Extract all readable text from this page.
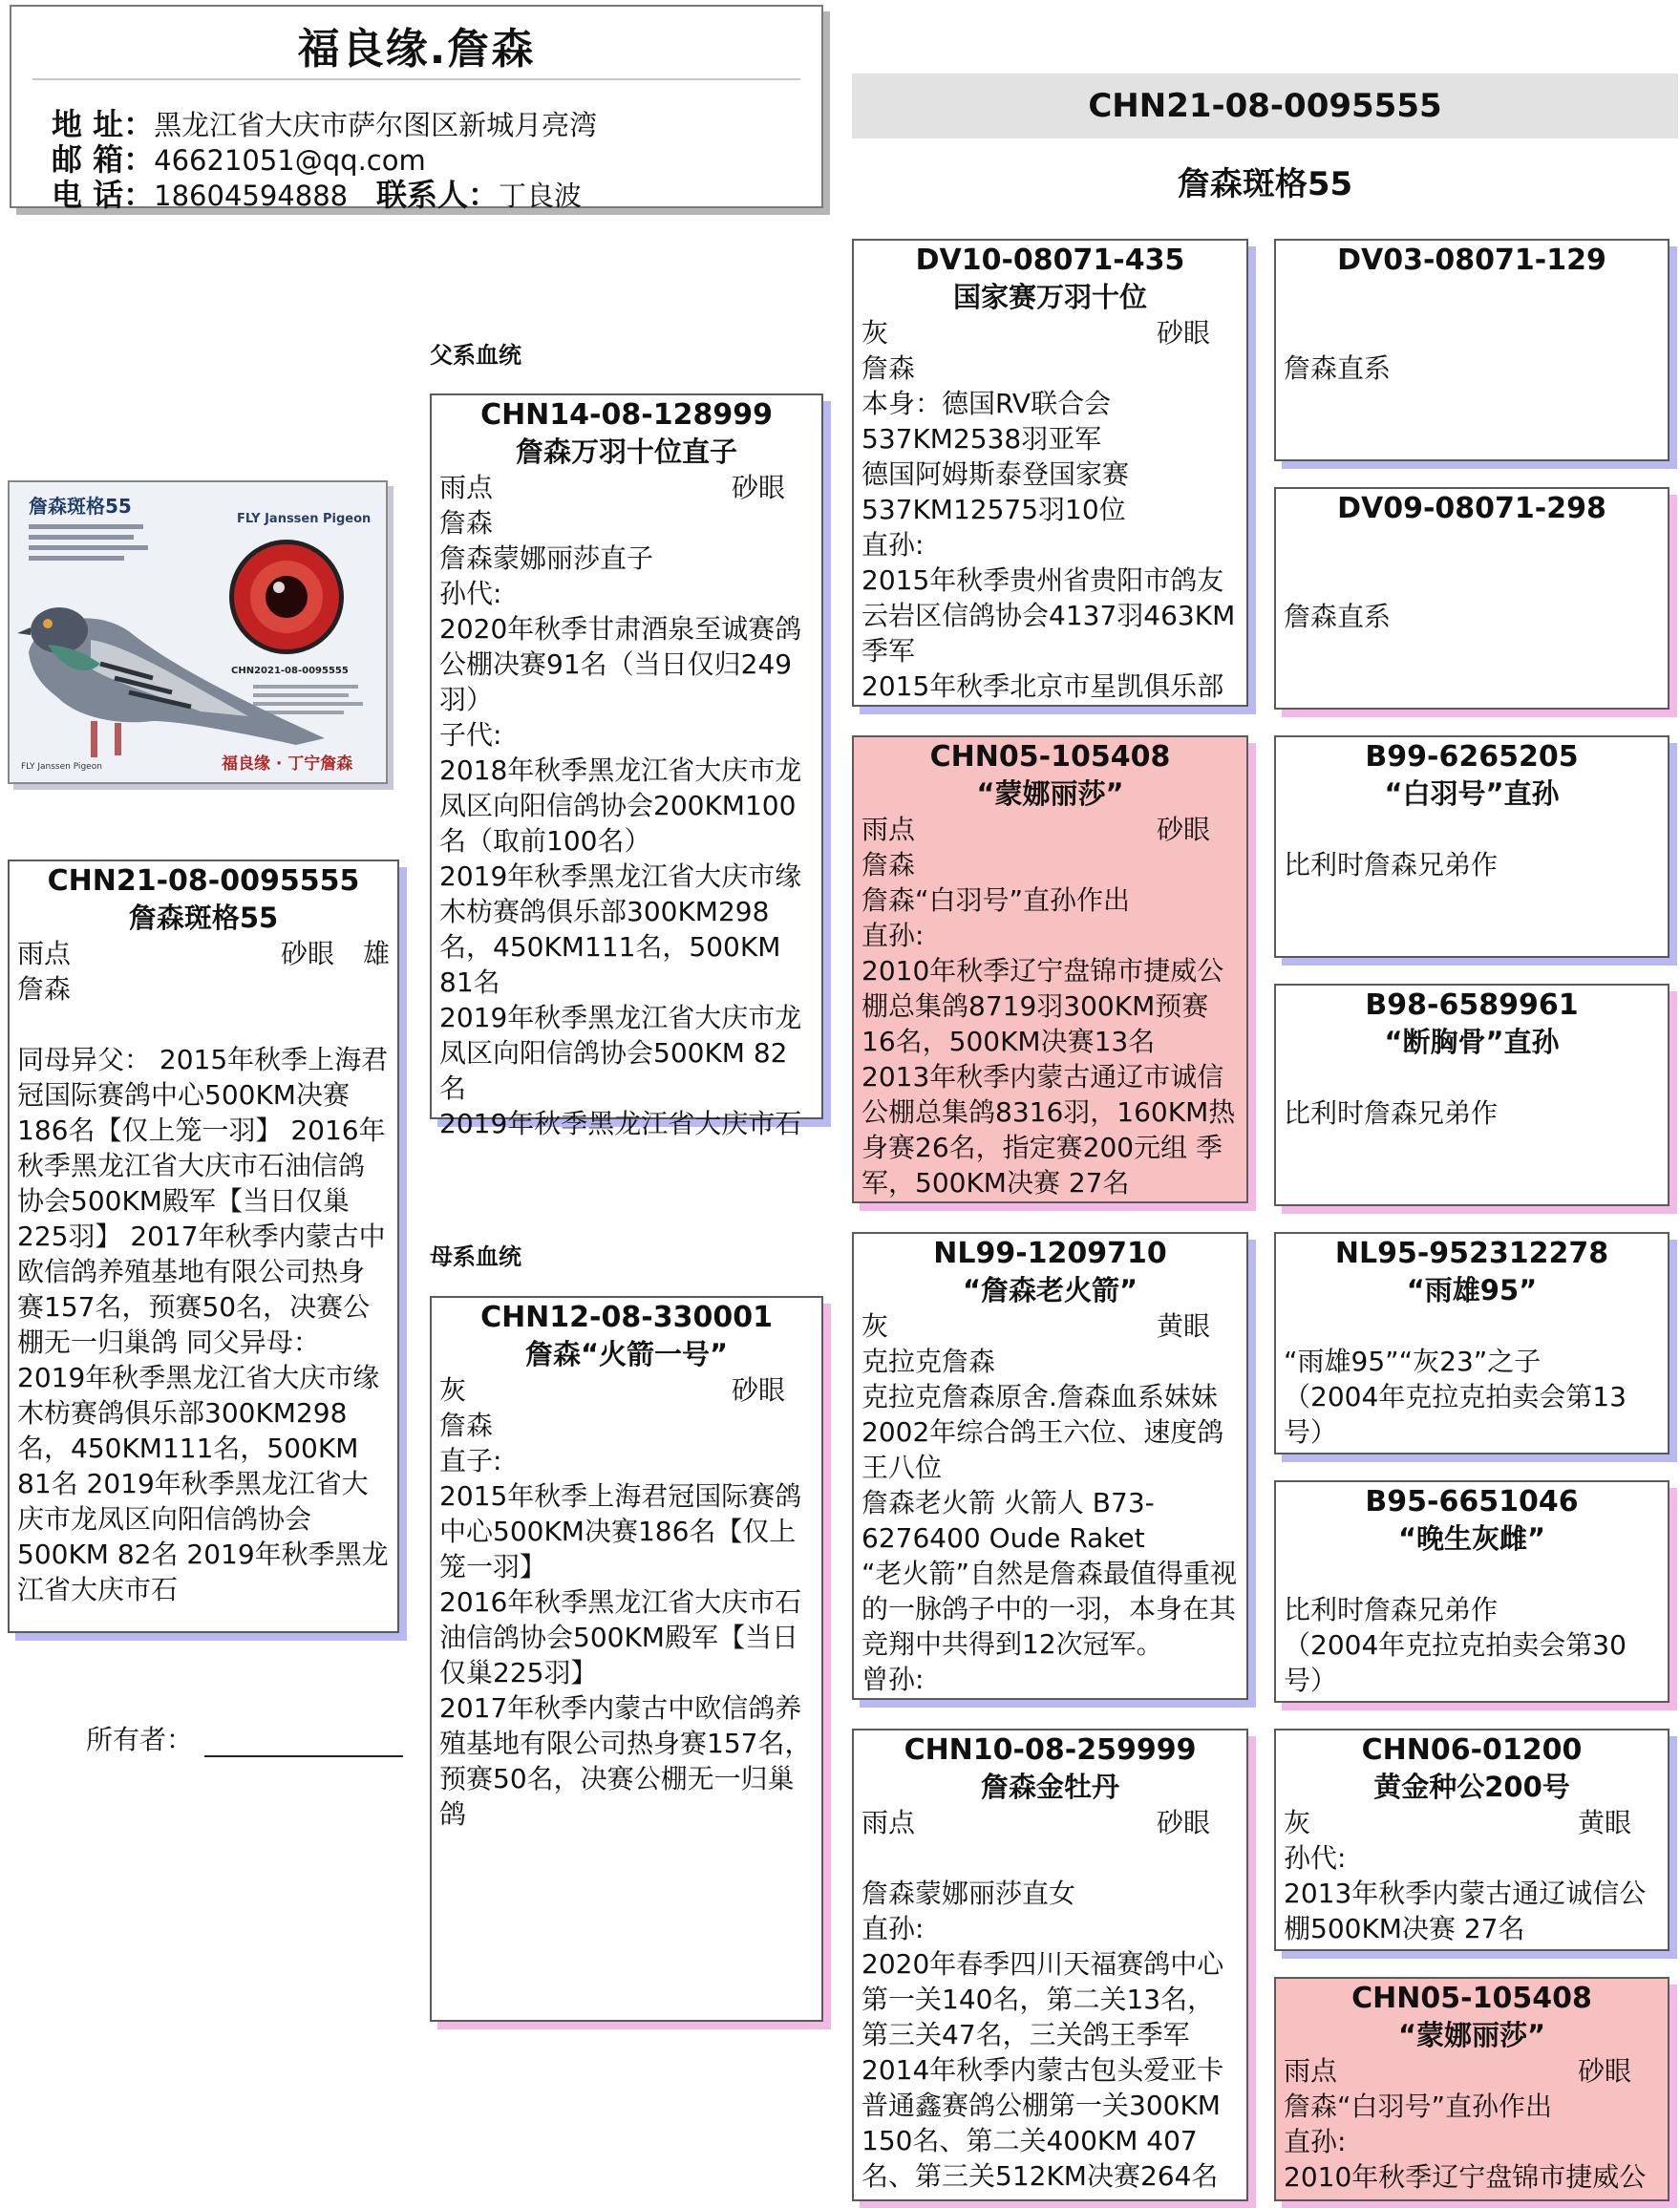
福良缘.詹森
地 址：黑龙江省大庆市萨尔图区新城月亮湾
邮 箱：46621051@qq.com
电 话：18604594888 联系人：丁良波
CHN21-08-0095555
詹森斑格55
父系血统
母系血统
詹森斑格55
FLY Janssen Pigeon
CHN2021-08-0095555
FLY Janssen Pigeon	福良缘 · 丁宁詹森
CHN21-08-0095555
詹森斑格55
雨点	砂眼 雄
詹森
同母异父： 2015年秋季上海君冠国际赛鸽中心500KM决赛186名【仅上笼一羽】 2016年秋季黑龙江省大庆市石油信鸽协会500KM殿军【当日仅巢225羽】 2017年秋季内蒙古中欧信鸽养殖基地有限公司热身赛157名，预赛50名，决赛公棚无一归巢鸽 同父异母： 2019年秋季黑龙江省大庆市缘木枋赛鸽俱乐部300KM298名，450KM111名，500KM 81名 2019年秋季黑龙江省大庆市龙凤区向阳信鸽协会500KM 82名 2019年秋季黑龙江省大庆市石
所有者：
CHN14-08-128999
詹森万羽十位直子
雨点	砂眼
詹森
詹森蒙娜丽莎直子
孙代:
2020年秋季甘肃酒泉至诚赛鸽公棚决赛91名（当日仅归249羽）
子代:
2018年秋季黑龙江省大庆市龙凤区向阳信鸽协会200KM100名（取前100名）
2019年秋季黑龙江省大庆市缘木枋赛鸽俱乐部300KM298名，450KM111名，500KM 81名
2019年秋季黑龙江省大庆市龙凤区向阳信鸽协会500KM 82名
2019年秋季黑龙江省大庆市石
CHN12-08-330001
詹森“火箭一号”
灰	砂眼
詹森
直子:
2015年秋季上海君冠国际赛鸽中心500KM决赛186名【仅上笼一羽】
2016年秋季黑龙江省大庆市石油信鸽协会500KM殿军【当日仅巢225羽】
2017年秋季内蒙古中欧信鸽养殖基地有限公司热身赛157名，预赛50名，决赛公棚无一归巢鸽
DV10-08071-435
国家赛万羽十位
灰	砂眼
詹森
本身：德国RV联合会537KM2538羽亚军
德国阿姆斯泰登国家赛537KM12575羽10位
直孙:
2015年秋季贵州省贵阳市鸽友云岩区信鸽协会4137羽463KM季军
2015年秋季北京市星凯俱乐部
CHN05-105408
“蒙娜丽莎”
雨点	砂眼
詹森
詹森“白羽号”直孙作出
直孙:
2010年秋季辽宁盘锦市捷威公棚总集鸽8719羽300KM预赛16名，500KM决赛13名
2013年秋季内蒙古通辽市诚信公棚总集鸽8316羽，160KM热身赛26名，指定赛200元组 季军，500KM决赛 27名
NL99-1209710
“詹森老火箭”
灰	黄眼
克拉克詹森
克拉克詹森原舍.詹森血系妹妹2002年综合鸽王六位、速度鸽王八位
詹森老火箭 火箭人 B73-6276400 Oude Raket
“老火箭”自然是詹森最值得重视的一脉鸽子中的一羽，本身在其竞翔中共得到12次冠军。
曾孙:
CHN10-08-259999
詹森金牡丹
雨点	砂眼
詹森蒙娜丽莎直女
直孙:
2020年春季四川天福赛鸽中心第一关140名，第二关13名，第三关47名，三关鸽王季军
2014年秋季内蒙古包头爱亚卡普通鑫赛鸽公棚第一关300KM 150名、第二关400KM 407名、第三关512KM决赛264名
DV03-08071-129
詹森直系
DV09-08071-298
詹森直系
B99-6265205
“白羽号”直孙
比利时詹森兄弟作
B98-6589961
“断胸骨”直孙
比利时詹森兄弟作
NL95-952312278
“雨雄95”
“雨雄95”“灰23”之子
（2004年克拉克拍卖会第13号）
B95-6651046
“晚生灰雌”
比利时詹森兄弟作
（2004年克拉克拍卖会第30号）
CHN06-01200
黄金种公200号
灰	黄眼
孙代:
2013年秋季内蒙古通辽诚信公棚500KM决赛 27名
CHN05-105408
“蒙娜丽莎”
雨点	砂眼
詹森“白羽号”直孙作出
直孙:
2010年秋季辽宁盘锦市捷威公
